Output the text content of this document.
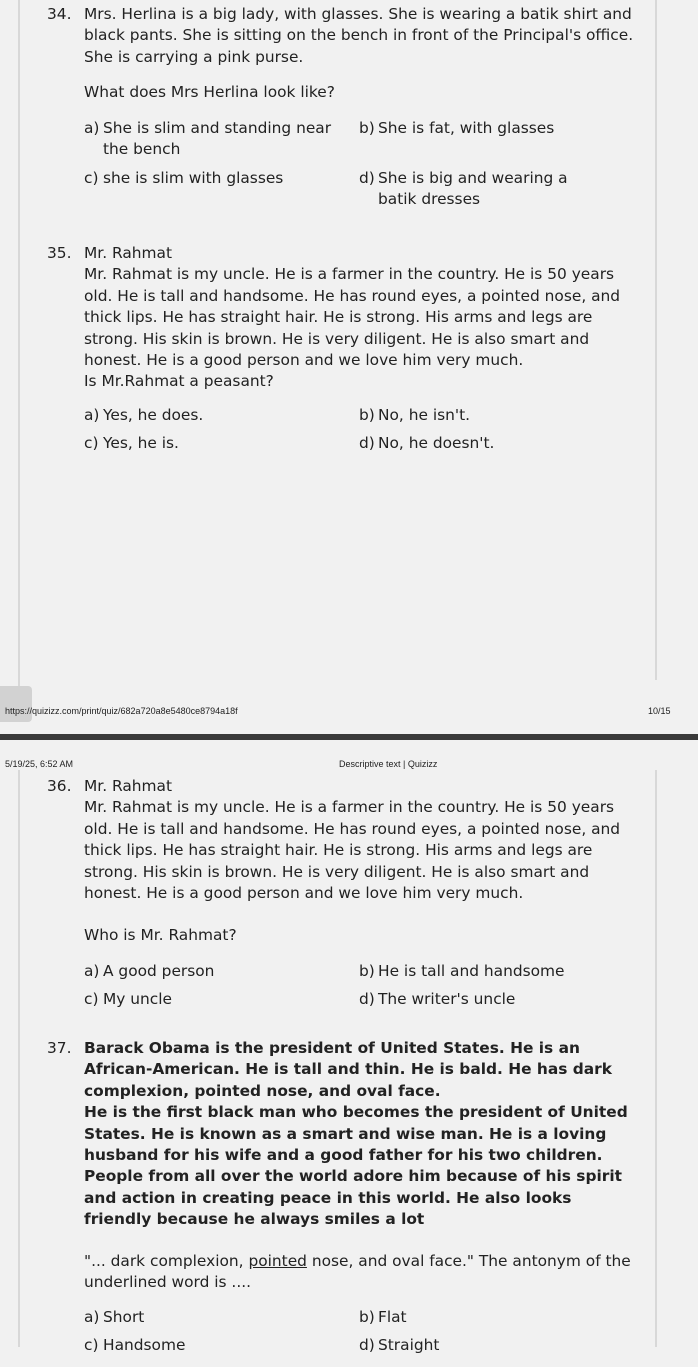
34. Mrs. Herlina is a big lady, with glasses. She is wearing a batik shirt and black pants. She is sitting on the bench in front of the Principal's office. She is carrying a pink purse.

What does Mrs Herlina look like?

a) She is slim and standing near the bench
b) She is fat, with glasses
c) she is slim with glasses	d) She is big and wearing a batik dresses
35. Mr. Rahmat

Mr. Rahmat is my uncle. He is a farmer in the country. He is 50 years old. He is tall and handsome. He has round eyes, a pointed nose, and thick lips. He has straight hair. He is strong. His arms and legs are strong. His skin is brown. He is very diligent. He is also smart and honest. He is a good person and we love him very much.

Is Mr.Rahmat a peasant?

a) Yes, he does.	b) No, he isn't.
c) Yes, he is.	d) No, he doesn't.
https://quizizz.com/print/quiz/682a720a8e5480ce8794a18f	10/15
5/19/25, 6:52 AM	Descriptive text | Quizizz
36. Mr. Rahmat

Mr. Rahmat is my uncle. He is a farmer in the country. He is 50 years old. He is tall and handsome. He has round eyes, a pointed nose, and thick lips. He has straight hair. He is strong. His arms and legs are strong. His skin is brown. He is very diligent. He is also smart and honest. He is a good person and we love him very much.

Who is Mr. Rahmat?

a) A good person	b) He is tall and handsome
c) My uncle	d) The writer's uncle
37. Barack Obama is the president of United States. He is an African-American. He is tall and thin. He is bald. He has dark complexion, pointed nose, and oval face.

He is the first black man who becomes the president of United States. He is known as a smart and wise man. He is a loving husband for his wife and a good father for his two children. People from all over the world adore him because of his spirit and action in creating peace in this world. He also looks friendly because he always smiles a lot

"... dark complexion, pointed nose, and oval face." The antonym of the underlined word is ....

a) Short	b) Flat
c) Handsome	d) Straight
